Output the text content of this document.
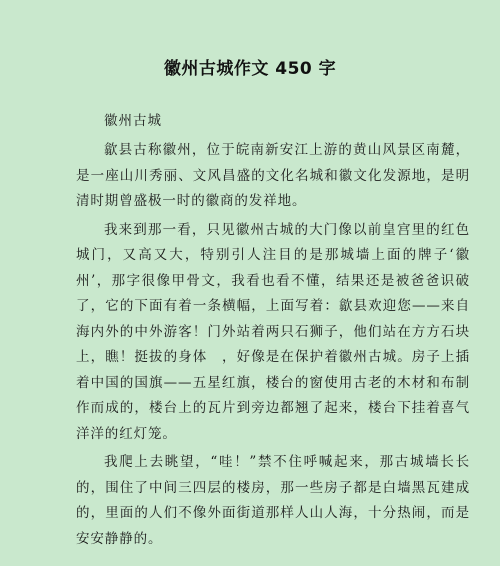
徽州古城作文 450 字
徽州古城

歙县古称徽州，位于皖南新安江上游的黄山风景区南麓，是一座山川秀丽、文风昌盛的文化名城和徽文化发源地，是明清时期曾盛极一时的徽商的发祥地。

我来到那一看，只见徽州古城的大门像以前皇宫里的红色城门，又高又大，特别引人注目的是那城墙上面的牌子‘徽州’，那字很像甲骨文，我看也看不懂，结果还是被爸爸识破了，它的下面有着一条横幅，上面写着：歙县欢迎您——来自海内外的中外游客！门外站着两只石狮子，他们站在方方石块上，瞧！挺拔的身体　，好像是在保护着徽州古城。房子上插着中国的国旗——五星红旗，楼台的窗使用古老的木材和布制作而成的，楼台上的瓦片到旁边都翘了起来，楼台下挂着喜气洋洋的红灯笼。

我爬上去眺望，“哇！”禁不住呼喊起来，那古城墙长长的，围住了中间三四层的楼房，那一些房子都是白墙黑瓦建成的，里面的人们不像外面街道那样人山人海，十分热闹，而是安安静静的。
